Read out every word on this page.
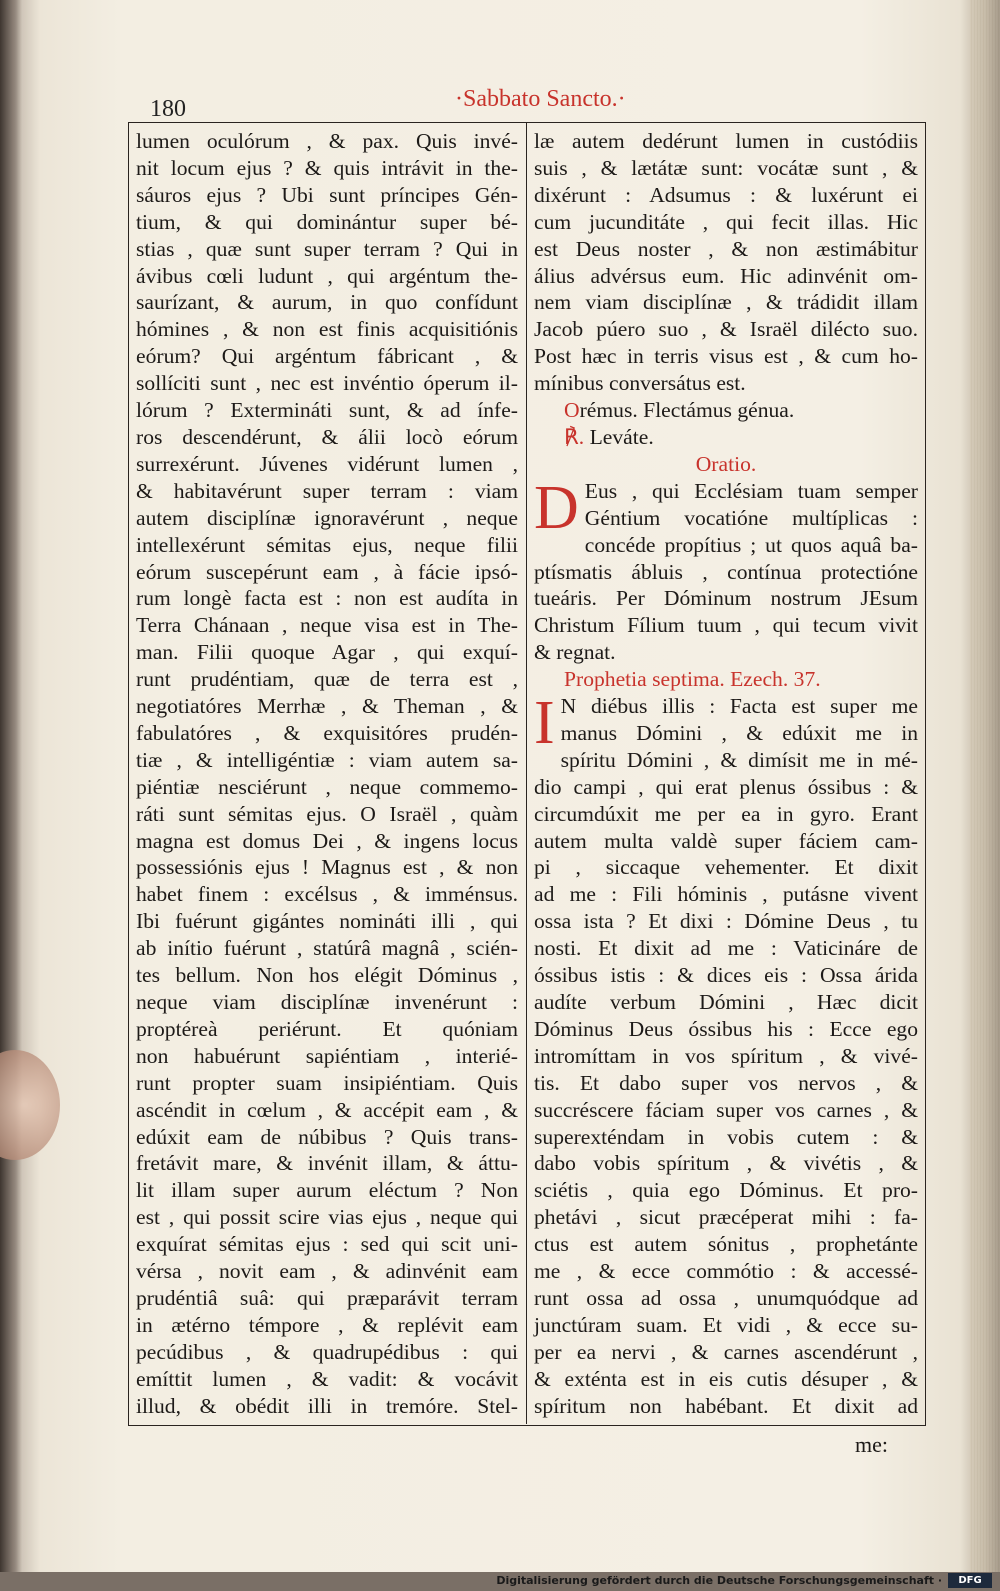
180	·Sabbato Sancto.·
lumen oculórum , & pax. Quis invé-
nit locum ejus ? & quis intrávit in the-
sáuros ejus ? Ubi sunt príncipes Gén-
tium, & qui dominántur super bé-
stias , quæ sunt super terram ? Qui in
ávibus cœli ludunt , qui argéntum the-
saurízant, & aurum, in quo confídunt
hómines , & non est finis acquisitiónis
eórum? Qui argéntum fábricant , &
sollíciti sunt , nec est invéntio óperum il-
lórum ? Extermináti sunt, & ad ínfe-
ros descendérunt, & álii locò eórum
surrexérunt. Júvenes vidérunt lumen ,
& habitavérunt super terram : viam
autem disciplínæ ignoravérunt , neque
intellexérunt sémitas ejus, neque filii
eórum suscepérunt eam , à fácie ipsó-
rum longè facta est : non est audíta in
Terra Chánaan , neque visa est in The-
man. Filii quoque Agar , qui exquí-
runt prudéntiam, quæ de terra est ,
negotiatóres Merrhæ , & Theman , &
fabulatóres , & exquisitóres prudén-
tiæ , & intelligéntiæ : viam autem sa-
piéntiæ nesciérunt , neque commemo-
ráti sunt sémitas ejus. O Israël , quàm
magna est domus Dei , & ingens locus
possessiónis ejus ! Magnus est , & non
habet finem : excélsus , & imménsus.
Ibi fuérunt gigántes nomináti illi , qui
ab inítio fuérunt , statúrâ magnâ , scién-
tes bellum. Non hos elégit Dóminus ,
neque viam disciplínæ invenérunt :
proptéreà periérunt. Et quóniam
non habuérunt sapiéntiam , interié-
runt propter suam insipiéntiam. Quis
ascéndit in cœlum , & accépit eam , &
edúxit eam de núbibus ? Quis trans-
fretávit mare, & invénit illam, & áttu-
lit illam super aurum eléctum ? Non
est , qui possit scire vias ejus , neque qui
exquírat sémitas ejus : sed qui scit uni-
vérsa , novit eam , & adinvénit eam
prudéntiâ suâ: qui præparávit terram
in ætérno témpore , & replévit eam
pecúdibus , & quadrupédibus : qui
emíttit lumen , & vadit: & vocávit
illud, & obédit illi in tremóre. Stel-
læ autem dedérunt lumen in custódiis
suis , & lætátæ sunt: vocátæ sunt , &
dixérunt : Adsumus : & luxérunt ei
cum jucunditáte , qui fecit illas. Hic
est Deus noster , & non æstimábitur
álius advérsus eum. Hic adinvénit om-
nem viam disciplínæ , & trádidit illam
Jacob púero suo , & Israël dilécto suo.
Post hæc in terris visus est , & cum ho-
mínibus conversátus est.
Orémus. Flectámus génua.
℟. Leváte.
Oratio.
D Eus , qui Ecclésiam tuam semper
Géntium vocatióne multíplicas :
concéde propítius ; ut quos aquâ ba-
ptísmatis ábluis , contínua protectióne
tueáris. Per Dóminum nostrum JEsum
Christum Fílium tuum , qui tecum vivit
& regnat.
Prophetia septima. Ezech. 37.
I N diébus illis : Facta est super me
manus Dómini , & edúxit me in
spíritu Dómini , & dimísit me in mé-
dio campi , qui erat plenus óssibus : &
circumdúxit me per ea in gyro. Erant
autem multa valdè super fáciem cam-
pi , siccaque vehementer. Et dixit
ad me : Fili hóminis , putásne vivent
ossa ista ? Et dixi : Dómine Deus , tu
nosti. Et dixit ad me : Vaticináre de
óssibus istis : & dices eis : Ossa árida
audíte verbum Dómini , Hæc dicit
Dóminus Deus óssibus his : Ecce ego
intromíttam in vos spíritum , & vivé-
tis. Et dabo super vos nervos , &
succréscere fáciam super vos carnes , &
superexténdam in vobis cutem : &
dabo vobis spíritum , & vivétis , &
sciétis , quia ego Dóminus. Et pro-
phetávi , sicut præcéperat mihi : fa-
ctus est autem sónitus , prophetánte
me , & ecce commótio : & accessé-
runt ossa ad ossa , unumquódque ad
junctúram suam. Et vidi , & ecce su-
per ea nervi , & carnes ascendérunt ,
& exténta est in eis cutis désuper , &
spíritum non habébant. Et dixit ad
me:
Digitalisierung gefördert durch die Deutsche Forschungsgemeinschaft ·	DFG
